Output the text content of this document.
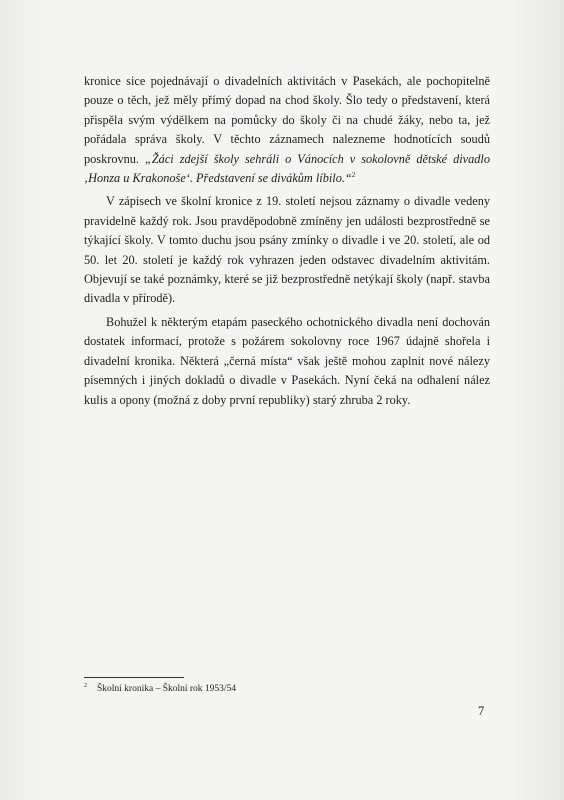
kronice sice pojednávají o divadelních aktivitách v Pasekách, ale pochopitelně pouze o těch, jež měly přímý dopad na chod školy. Šlo tedy o představení, která přispěla svým výdělkem na pomůcky do školy či na chudé žáky, nebo ta, jež pořádala správa školy. V těchto záznamech nalezneme hodnotících soudů poskrovnu. „Žáci zdejší školy sehráli o Vánocích v sokolovně dětské divadlo ‚Honza u Krakonoše‘. Představení se divákům líbilo.“$^2$

V zápisech ve školní kronice z 19. století nejsou záznamy o divadle vedeny pravidelně každý rok. Jsou pravděpodobně zmíněny jen události bezprostředně se týkající školy. V tomto duchu jsou psány zmínky o divadle i ve 20. století, ale od 50. let 20. století je každý rok vyhrazen jeden odstavec divadelním aktivitám. Objevují se také poznámky, které se již bezprostředně netýkají školy (např. stavba divadla v přírodě).

Bohužel k některým etapám paseckého ochotnického divadla není dochován dostatek informací, protože s požárem sokolovny roce 1967 údajně shořela i divadelní kronika. Některá „černá místa“ však ještě mohou zaplnit nové nálezy písemných i jiných dokladů o divadle v Pasekách. Nyní čeká na odhalení nález kulis a opony (možná z doby první republiky) starý zhruba 2 roky.

$^2$ Školní kronika – Školní rok 1953/54
7
